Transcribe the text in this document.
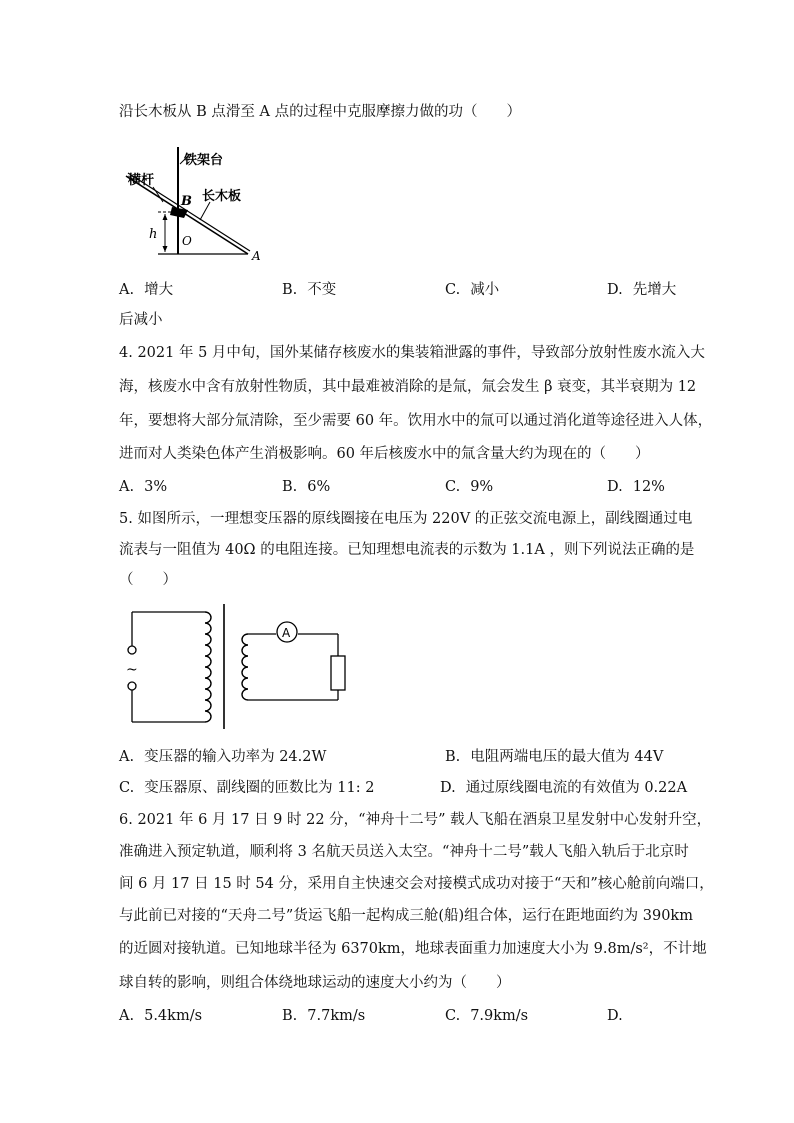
沿长木板从 B 点滑至 A 点的过程中克服摩擦力做的功（　　）
铁架台
横杆
长木板
B
h O
A
A. 增大	B. 不变	C. 减小	D. 先增大
后减小
4. 2021 年 5 月中旬，国外某储存核废水的集装箱泄露的事件，导致部分放射性废水流入大
海，核废水中含有放射性物质，其中最难被消除的是氚，氚会发生 β 衰变，其半衰期为 12
年，要想将大部分氚清除，至少需要 60 年。饮用水中的氚可以通过消化道等途径进入人体，
进而对人类染色体产生消极影响。60 年后核废水中的氚含量大约为现在的（　　）
A. 3%	B. 6%	C. 9%	D. 12%
5. 如图所示，一理想变压器的原线圈接在电压为 220V 的正弦交流电源上，副线圈通过电
流表与一阻值为 40Ω 的电阻连接。已知理想电流表的示数为 1.1A ，则下列说法正确的是
（　　）
~
A
A. 变压器的输入功率为 24.2W	B. 电阻两端电压的最大值为 44V
C. 变压器原、副线圈的匝数比为 11: 2	D. 通过原线圈电流的有效值为 0.22A
6. 2021 年 6 月 17 日 9 时 22 分，“神舟十二号” 载人飞船在酒泉卫星发射中心发射升空，
准确进入预定轨道，顺利将 3 名航天员送入太空。“神舟十二号”载人飞船入轨后于北京时
间 6 月 17 日 15 时 54 分，采用自主快速交会对接模式成功对接于“天和”核心舱前向端口，
与此前已对接的“天舟二号”货运飞船一起构成三舱(船)组合体，运行在距地面约为 390km
的近圆对接轨道。已知地球半径为 6370km，地球表面重力加速度大小为 9.8m/s²，不计地
球自转的影响，则组合体绕地球运动的速度大小约为（　　）
A. 5.4km/s	B. 7.7km/s	C. 7.9km/s	D.
